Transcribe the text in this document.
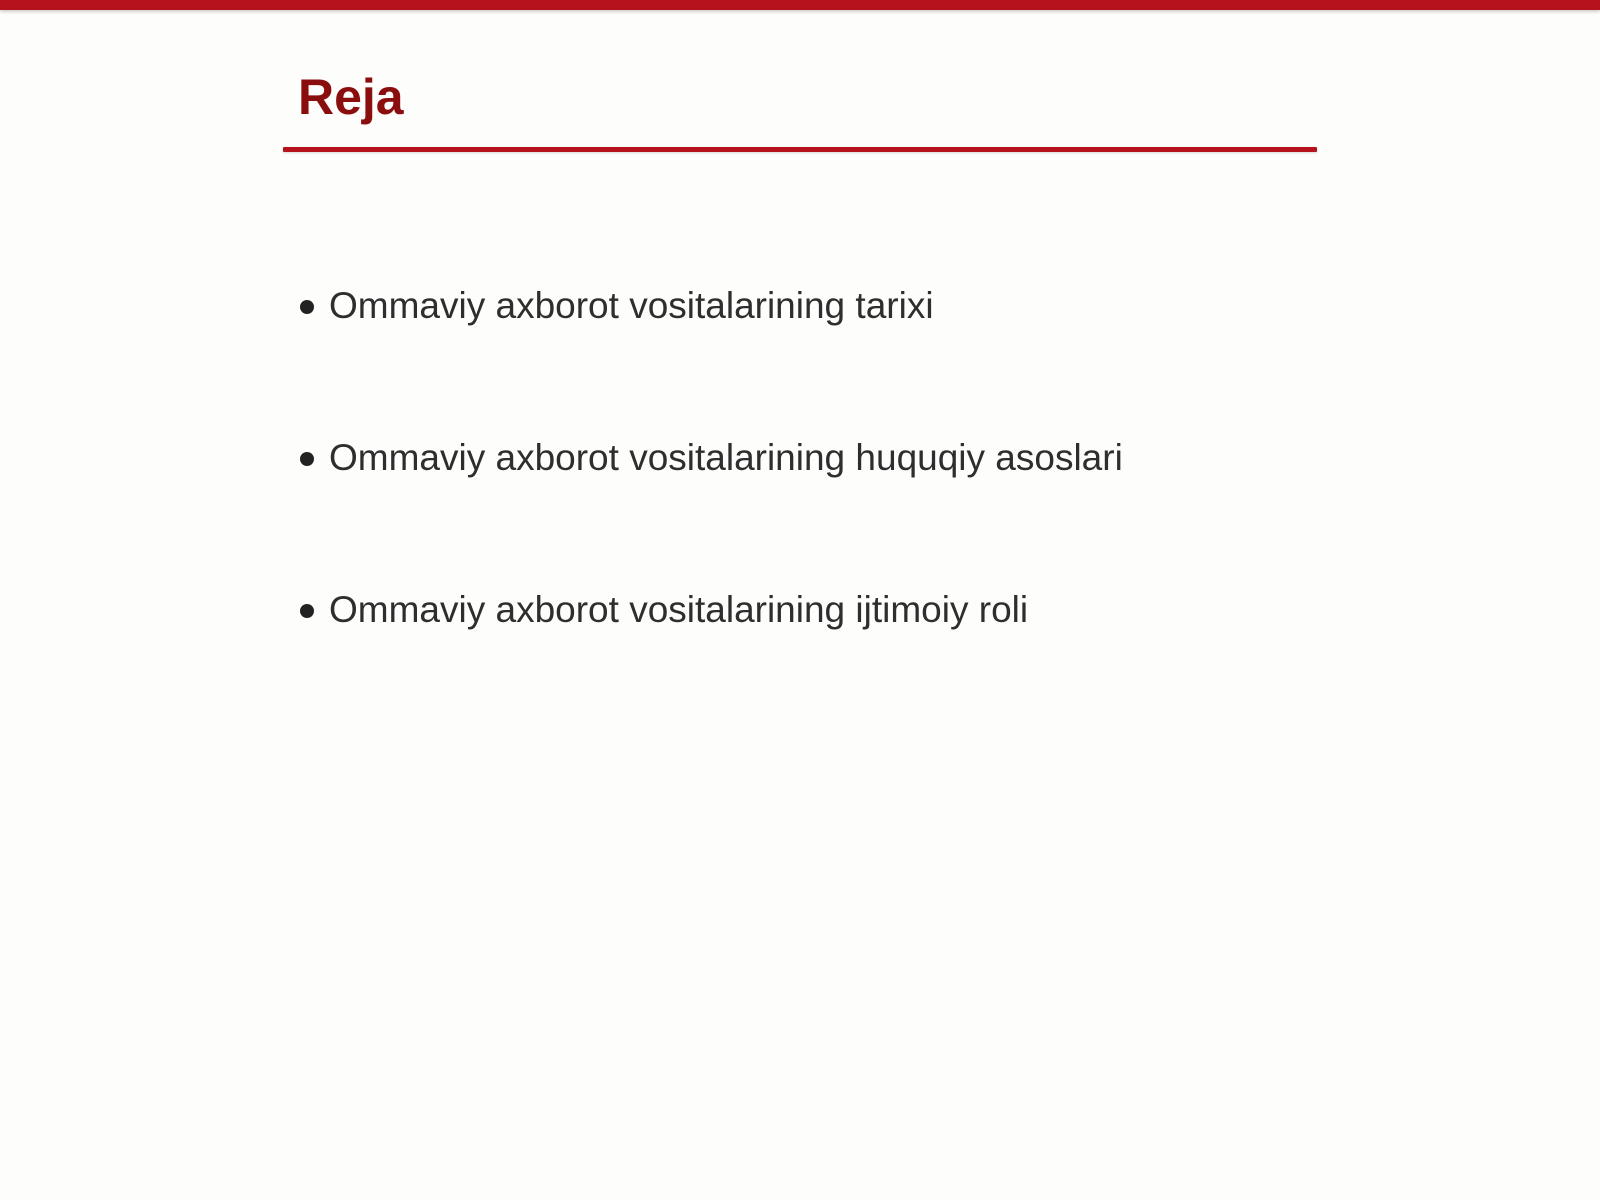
Reja
Ommaviy axborot vositalarining tarixi
Ommaviy axborot vositalarining huquqiy asoslari
Ommaviy axborot vositalarining ijtimoiy roli
